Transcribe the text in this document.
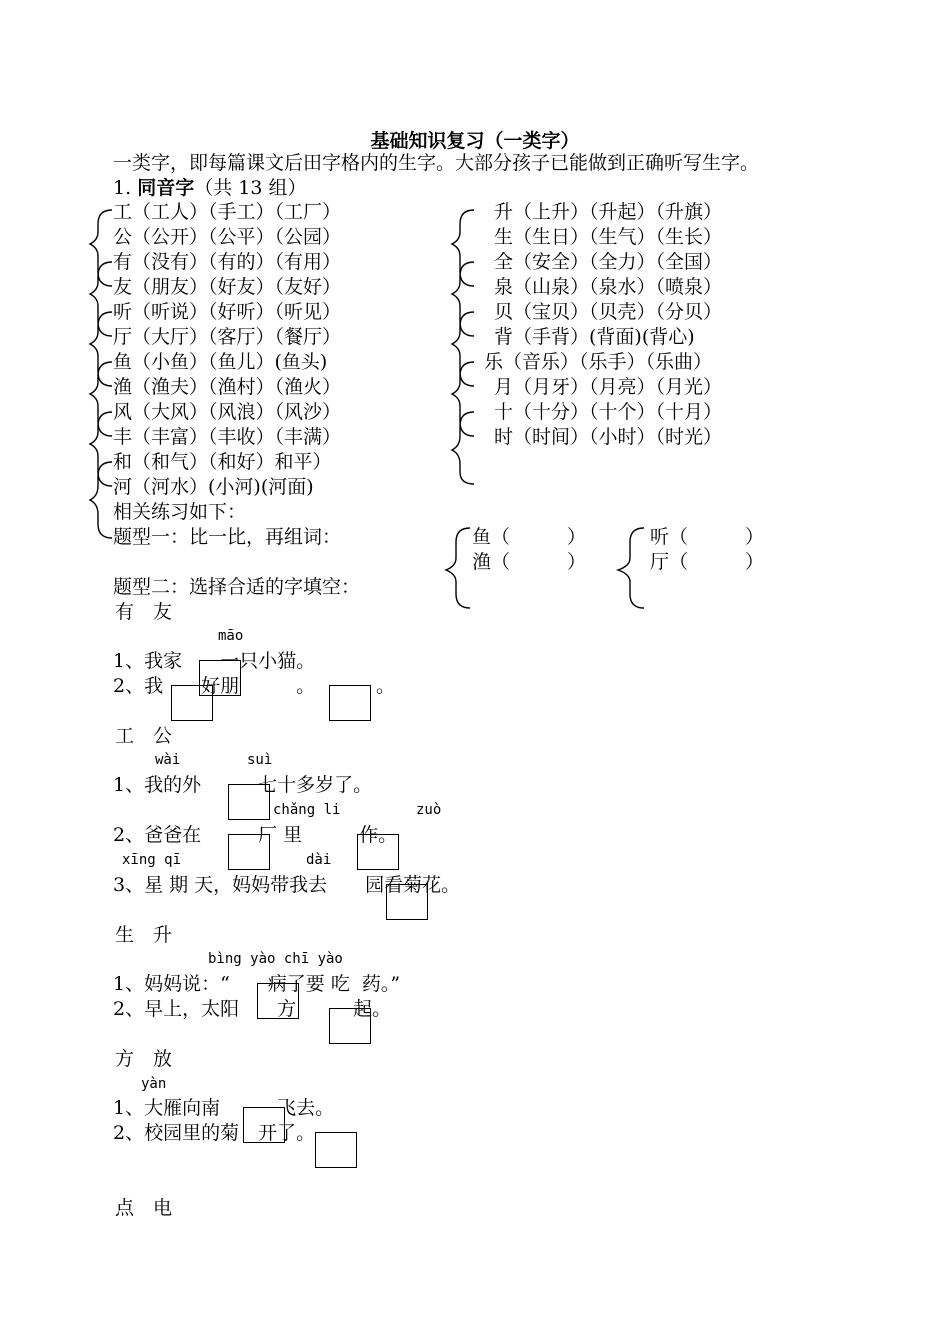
基础知识复习（一类字）
一类字，即每篇课文后田字格内的生字。大部分孩子已能做到正确听写生字。
1. 同音字（共 13 组）
工（工人）（手工）（工厂）
公（公开）（公平）（公园）
有（没有）（有的）（有用）
友（朋友）（好友）（友好）
听（听说）（好听）（听见）
厅（大厅）（客厅）（餐厅）
鱼（小鱼）（鱼儿）(鱼头)
渔（渔夫）（渔村）（渔火）
风（大风）（风浪）（风沙）
丰（丰富）（丰收）（丰满）
和（和气）（和好）和平）
河（河水）(小河)(河面)
相关练习如下：
升（上升）（升起）（升旗）
生（生日）（生气）（生长）
全（安全）（全力）（全国）
泉（山泉）（泉水）（喷泉）
贝（宝贝）（贝壳）（分贝）
背（手背）(背面)(背心)
乐（音乐）（乐手）（乐曲）
月（月牙）（月亮）（月光）
十（十分）（十个）（十月）
时（时间）（小时）（时光）
题型一：比一比，再组词：	鱼（　　　）
渔（　　　）
听（　　　）
厅（　　　）
题型二：选择合适的字填空：
有　友
māo
1、我家　　一只小猫。
2、我　　好朋　　　。	。
工　公
wài	suì
1、我的外　　　七十多岁了。
chǎng li	zuò
2、爸爸在　　　厂 里　　　作。
xīng qī	dài
3、星 期 天，妈妈带我去　　园看菊花。
生　升
bìng yào chī yào
1、妈妈说：“　　病了要 吃  药。”
2、早上，太阳　　方　　　起。
方　放
yàn
1、大雁向南　　　飞去。
2、校园里的菊　开了。
点　电
